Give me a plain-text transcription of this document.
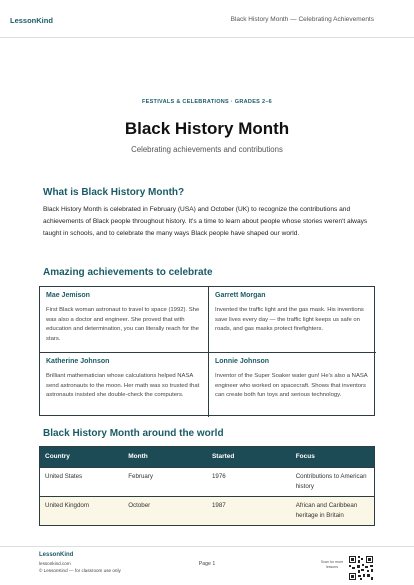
LessonKind	Black History Month — Celebrating Achievements
FESTIVALS & CELEBRATIONS · GRADES 2–6
Black History Month
Celebrating achievements and contributions
What is Black History Month?

Black History Month is celebrated in February (USA) and October (UK) to recognize the contributions and achievements of Black people throughout history. It's a time to learn about people whose stories weren't always taught in schools, and to celebrate the many ways Black people have shaped our world.

Amazing achievements to celebrate
Mae Jemison
First Black woman astronaut to travel to space (1992). She was also a doctor and engineer. She proved that with education and determination, you can literally reach for the stars.
Garrett Morgan
Invented the traffic light and the gas mask. His inventions save lives every day — the traffic light keeps us safe on roads, and gas masks protect firefighters.
Katherine Johnson
Brilliant mathematician whose calculations helped NASA send astronauts to the moon. Her math was so trusted that astronauts insisted she double-check the computers.
Lonnie Johnson
Inventor of the Super Soaker water gun! He's also a NASA engineer who worked on spacecraft. Shows that inventors can create both fun toys and serious technology.
Black History Month around the world
Country	Month	Started	Focus
United States	February	1976	Contributions to American history
United Kingdom	October	1987	African and Caribbean heritage in Britain
LessonKind
lessonkind.com
© LessonKind — for classroom use only
Page 1	Scan for more lessons
